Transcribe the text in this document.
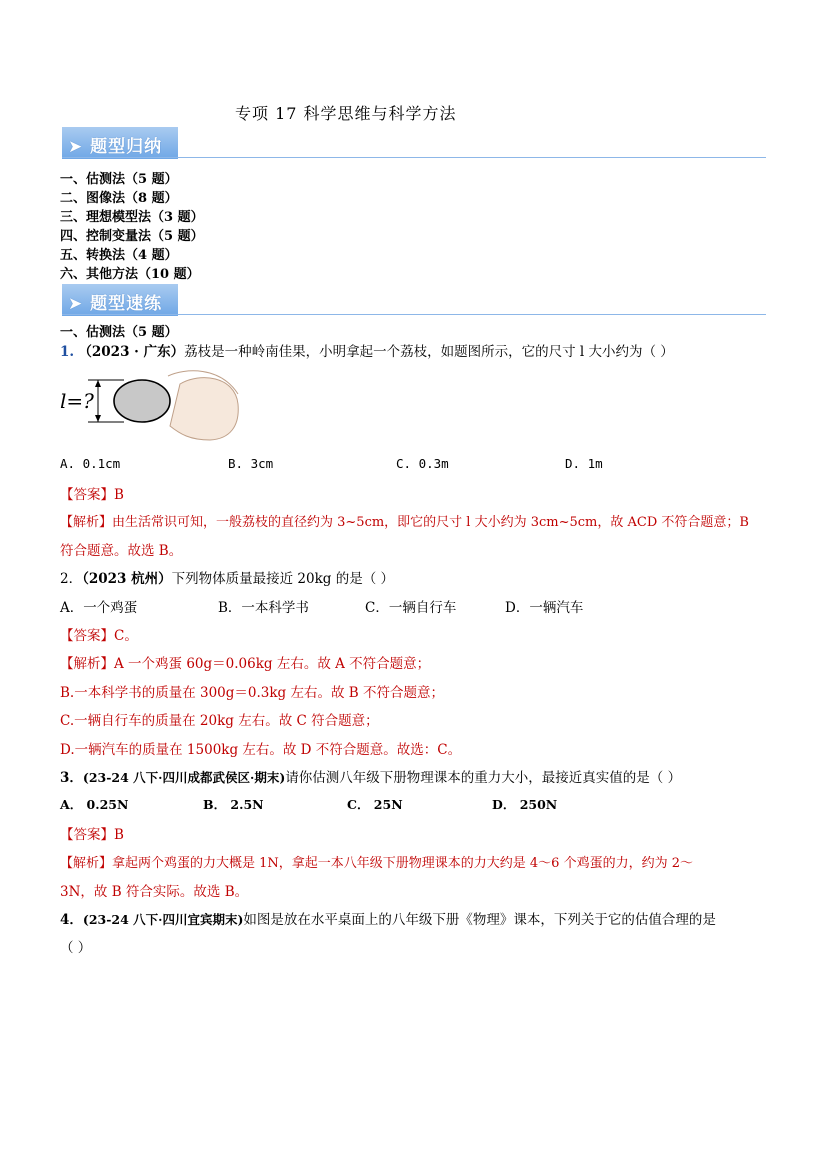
专项 17 科学思维与科学方法
➤ 题型归纳
一、估测法（5 题）
二、图像法（8 题）
三、理想模型法（3 题）
四、控制变量法（5 题）
五、转换法（4 题）
六、其他方法（10 题）
➤ 题型速练
一、估测法（5 题）
1. （2023 · 广东）荔枝是一种岭南佳果，小明拿起一个荔枝，如题图所示，它的尺寸 l 大小约为（ ）
l=?
A. 0.1cm	B. 3cm	C. 0.3m	D. 1m
【答案】B
【解析】由生活常识可知，一般荔枝的直径约为 3~5cm，即它的尺寸 l 大小约为 3cm~5cm，故 ACD 不符合题意；B
符合题意。故选 B。
2．（2023 杭州）下列物体质量最接近 20kg 的是（ ）
A．一个鸡蛋	B．一本科学书	C．一辆自行车	D．一辆汽车
【答案】C。
【解析】A 一个鸡蛋 60g＝0.06kg 左右。故 A 不符合题意；
B.一本科学书的质量在 300g＝0.3kg 左右。故 B 不符合题意；
C.一辆自行车的质量在 20kg 左右。故 C 符合题意；
D.一辆汽车的质量在 1500kg 左右。故 D 不符合题意。故选：C。
3．(23-24 八下·四川成都武侯区·期末)请你估测八年级下册物理课本的重力大小，最接近真实值的是（ ）
A． 0.25N	B． 2.5N	C． 25N	D． 250N
【答案】B
【解析】拿起两个鸡蛋的力大概是 1N，拿起一本八年级下册物理课本的力大约是 4～6 个鸡蛋的力，约为 2～
3N，故 B 符合实际。故选 B。
4．(23-24 八下·四川宜宾期末)如图是放在水平桌面上的八年级下册《物理》课本，下列关于它的估值合理的是
（ ）
